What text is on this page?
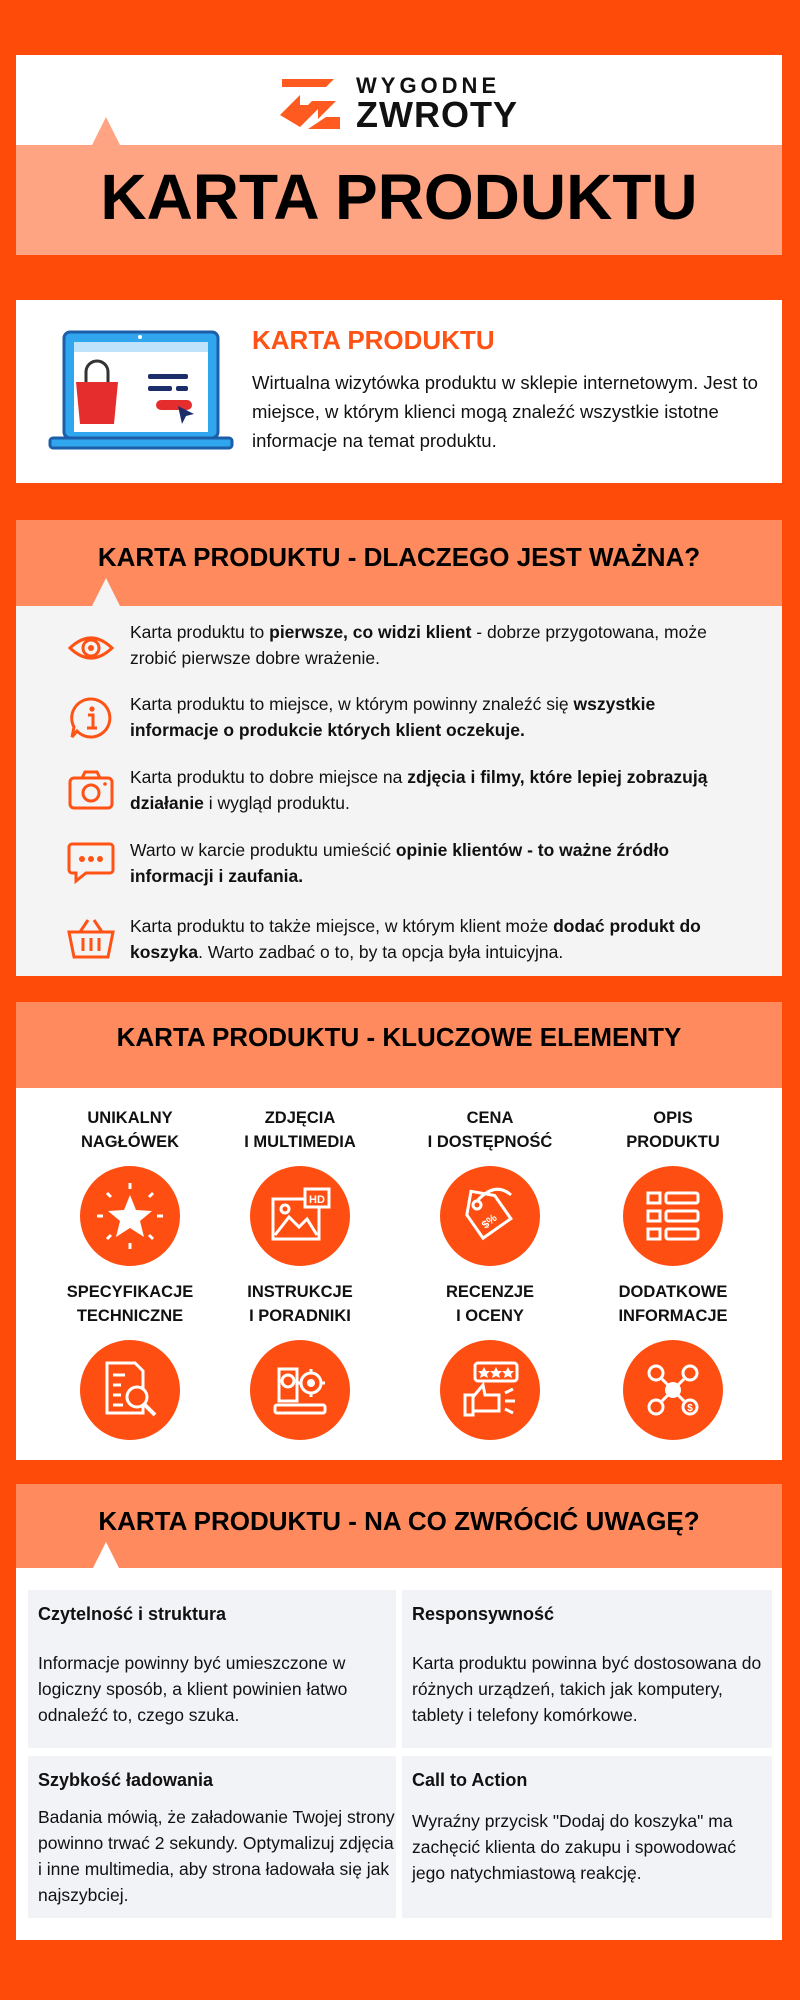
WYGODNE
ZWROTY
KARTA PRODUKTU
KARTA PRODUKTU
Wirtualna wizytówka produktu w sklepie internetowym. Jest to miejsce, w którym klienci mogą znaleźć wszystkie istotne informacje na temat produktu.
KARTA PRODUKTU - DLACZEGO JEST WAŻNA?
Karta produktu to pierwsze, co widzi klient - dobrze przygotowana, może zrobić pierwsze dobre wrażenie.
Karta produktu to miejsce, w którym powinny znaleźć się wszystkie informacje o produkcie których klient oczekuje.
Karta produktu to dobre miejsce na zdjęcia i filmy, które lepiej zobrazują działanie i wygląd produktu.
Warto w karcie produktu umieścić opinie klientów - to ważne źródło informacji i zaufania.
Karta produktu to także miejsce, w którym klient może dodać produkt do koszyka. Warto zadbać o to, by ta opcja była intuicyjna.
KARTA PRODUKTU - KLUCZOWE ELEMENTY
UNIKALNY
NAGŁÓWEK
ZDJĘCIA
I MULTIMEDIA
HD
CENA
I DOSTĘPNOŚĆ
$%
OPIS
PRODUKTU
SPECYFIKACJE
TECHNICZNE
INSTRUKCJE
I PORADNIKI
RECENZJE
I OCENY
DODATKOWE
INFORMACJE
$
KARTA PRODUKTU - NA CO ZWRÓCIĆ UWAGĘ?
Czytelność i struktura
Informacje powinny być umieszczone w logiczny sposób, a klient powinien łatwo odnaleźć to, czego szuka.
Responsywność
Karta produktu powinna być dostosowana do różnych urządzeń, takich jak komputery, tablety i telefony komórkowe.
Szybkość ładowania
Badania mówią, że załadowanie Twojej strony powinno trwać 2 sekundy. Optymalizuj zdjęcia i inne multimedia, aby strona ładowała się jak najszybciej.
Call to Action
Wyraźny przycisk "Dodaj do koszyka" ma zachęcić klienta do zakupu i spowodować jego natychmiastową reakcję.
